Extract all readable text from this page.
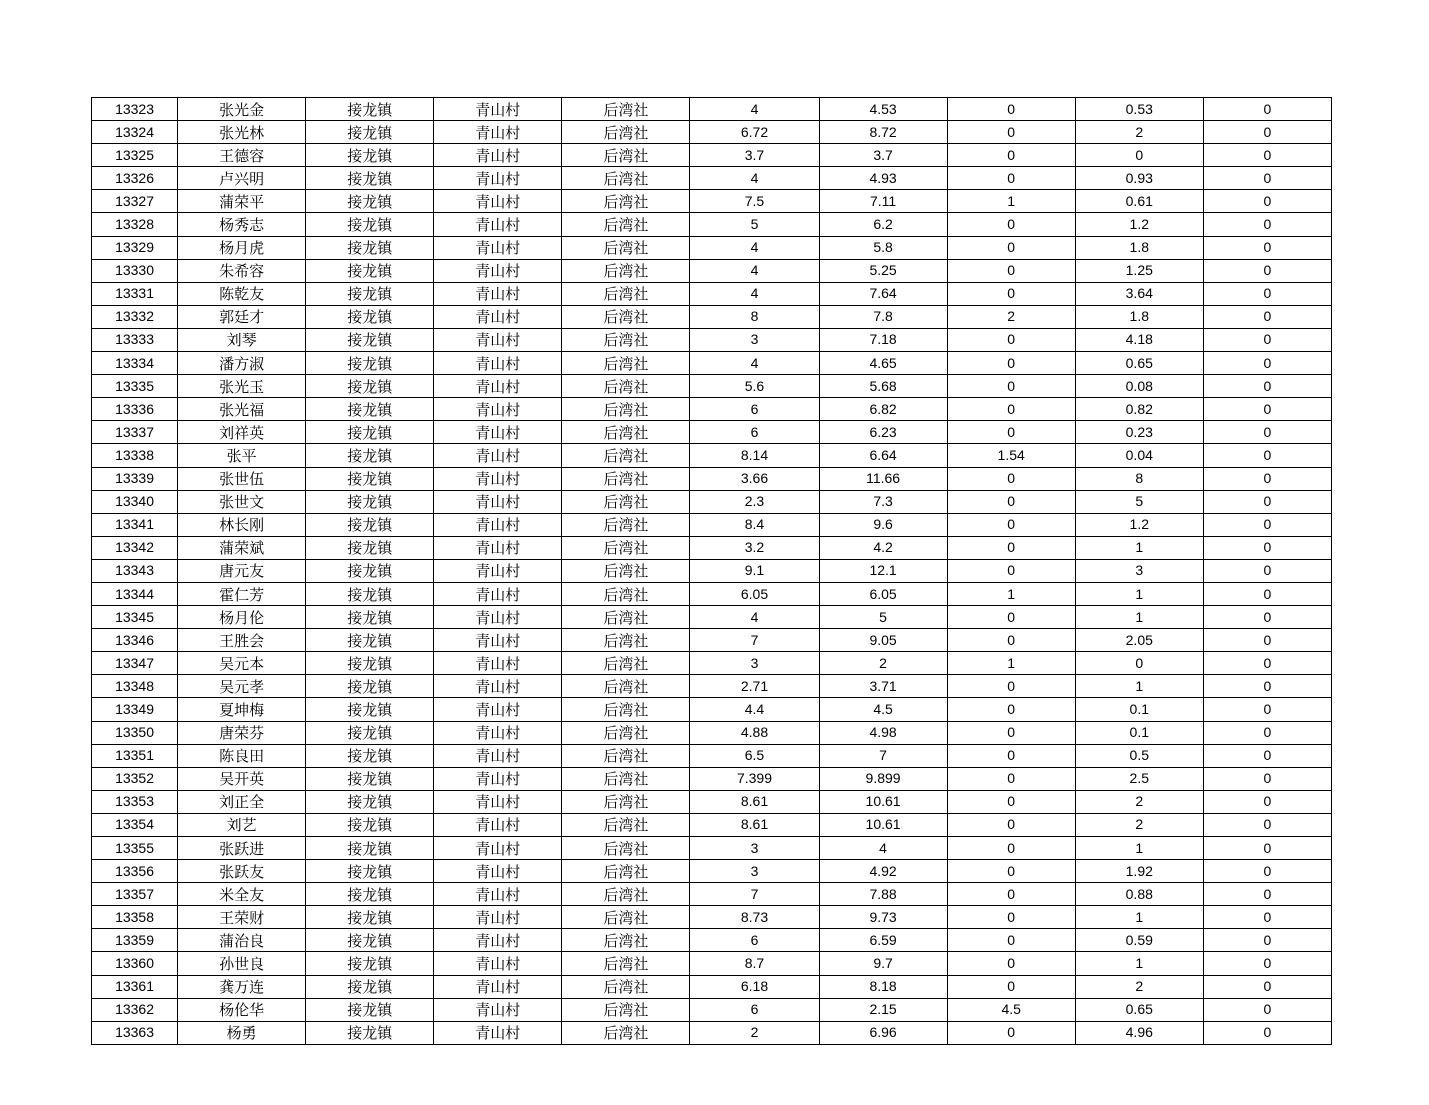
13323	张光金	接龙镇	青山村	后湾社	4	4.53	0	0.53	0
13324	张光林	接龙镇	青山村	后湾社	6.72	8.72	0	2	0
13325	王德容	接龙镇	青山村	后湾社	3.7	3.7	0	0	0
13326	卢兴明	接龙镇	青山村	后湾社	4	4.93	0	0.93	0
13327	蒲荣平	接龙镇	青山村	后湾社	7.5	7.11	1	0.61	0
13328	杨秀志	接龙镇	青山村	后湾社	5	6.2	0	1.2	0
13329	杨月虎	接龙镇	青山村	后湾社	4	5.8	0	1.8	0
13330	朱希容	接龙镇	青山村	后湾社	4	5.25	0	1.25	0
13331	陈乾友	接龙镇	青山村	后湾社	4	7.64	0	3.64	0
13332	郭廷才	接龙镇	青山村	后湾社	8	7.8	2	1.8	0
13333	刘琴	接龙镇	青山村	后湾社	3	7.18	0	4.18	0
13334	潘方淑	接龙镇	青山村	后湾社	4	4.65	0	0.65	0
13335	张光玉	接龙镇	青山村	后湾社	5.6	5.68	0	0.08	0
13336	张光福	接龙镇	青山村	后湾社	6	6.82	0	0.82	0
13337	刘祥英	接龙镇	青山村	后湾社	6	6.23	0	0.23	0
13338	张平	接龙镇	青山村	后湾社	8.14	6.64	1.54	0.04	0
13339	张世伍	接龙镇	青山村	后湾社	3.66	11.66	0	8	0
13340	张世文	接龙镇	青山村	后湾社	2.3	7.3	0	5	0
13341	林长刚	接龙镇	青山村	后湾社	8.4	9.6	0	1.2	0
13342	蒲荣斌	接龙镇	青山村	后湾社	3.2	4.2	0	1	0
13343	唐元友	接龙镇	青山村	后湾社	9.1	12.1	0	3	0
13344	霍仁芳	接龙镇	青山村	后湾社	6.05	6.05	1	1	0
13345	杨月伦	接龙镇	青山村	后湾社	4	5	0	1	0
13346	王胜会	接龙镇	青山村	后湾社	7	9.05	0	2.05	0
13347	吴元本	接龙镇	青山村	后湾社	3	2	1	0	0
13348	吴元孝	接龙镇	青山村	后湾社	2.71	3.71	0	1	0
13349	夏坤梅	接龙镇	青山村	后湾社	4.4	4.5	0	0.1	0
13350	唐荣芬	接龙镇	青山村	后湾社	4.88	4.98	0	0.1	0
13351	陈良田	接龙镇	青山村	后湾社	6.5	7	0	0.5	0
13352	吴开英	接龙镇	青山村	后湾社	7.399	9.899	0	2.5	0
13353	刘正全	接龙镇	青山村	后湾社	8.61	10.61	0	2	0
13354	刘艺	接龙镇	青山村	后湾社	8.61	10.61	0	2	0
13355	张跃进	接龙镇	青山村	后湾社	3	4	0	1	0
13356	张跃友	接龙镇	青山村	后湾社	3	4.92	0	1.92	0
13357	米全友	接龙镇	青山村	后湾社	7	7.88	0	0.88	0
13358	王荣财	接龙镇	青山村	后湾社	8.73	9.73	0	1	0
13359	蒲治良	接龙镇	青山村	后湾社	6	6.59	0	0.59	0
13360	孙世良	接龙镇	青山村	后湾社	8.7	9.7	0	1	0
13361	龚万连	接龙镇	青山村	后湾社	6.18	8.18	0	2	0
13362	杨伦华	接龙镇	青山村	后湾社	6	2.15	4.5	0.65	0
13363	杨勇	接龙镇	青山村	后湾社	2	6.96	0	4.96	0
